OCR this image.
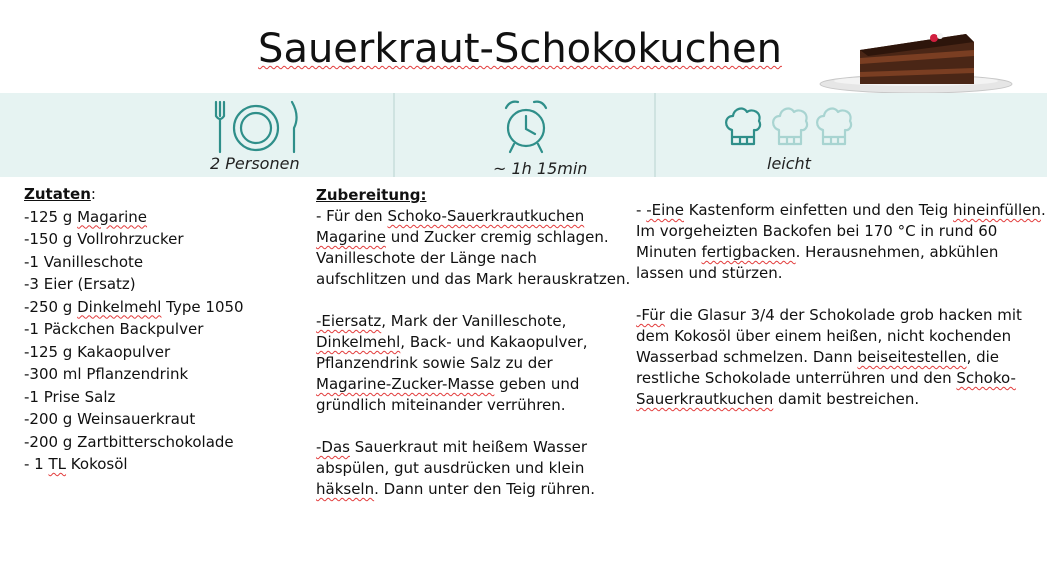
Sauerkraut-Schokokuchen
2 Personen	~ 1h 15min	leicht
Zutaten:
-125 g Magarine
-150 g Vollrohrzucker
-1 Vanilleschote
-3 Eier (Ersatz)
-250 g Dinkelmehl Type 1050
-1 Päckchen Backpulver
-125 g Kakaopulver
-300 ml Pflanzendrink
-1 Prise Salz
-200 g Weinsauerkraut
-200 g Zartbitterschokolade
- 1 TL Kokosöl

Zubereitung:

- Für den Schoko-Sauerkrautkuchen Magarine und Zucker cremig schlagen. Vanilleschote der Länge nach aufschlitzen und das Mark herauskratzen.

-Eiersatz, Mark der Vanilleschote, Dinkelmehl, Back- und Kakaopulver, Pflanzendrink sowie Salz zu der Magarine-Zucker-Masse geben und gründlich miteinander verrühren.

-Das Sauerkraut mit heißem Wasser abspülen, gut ausdrücken und klein häkseln. Dann unter den Teig rühren.

- -Eine Kastenform einfetten und den Teig hineinfüllen. Im vorgeheizten Backofen bei 170 °C in rund 60 Minuten fertigbacken. Herausnehmen, abkühlen lassen und stürzen.

-Für die Glasur 3/4 der Schokolade grob hacken mit dem Kokosöl über einem heißen, nicht kochenden Wasserbad schmelzen. Dann beiseitestellen, die restliche Schokolade unterrühren und den Schoko-Sauerkrautkuchen damit bestreichen.
